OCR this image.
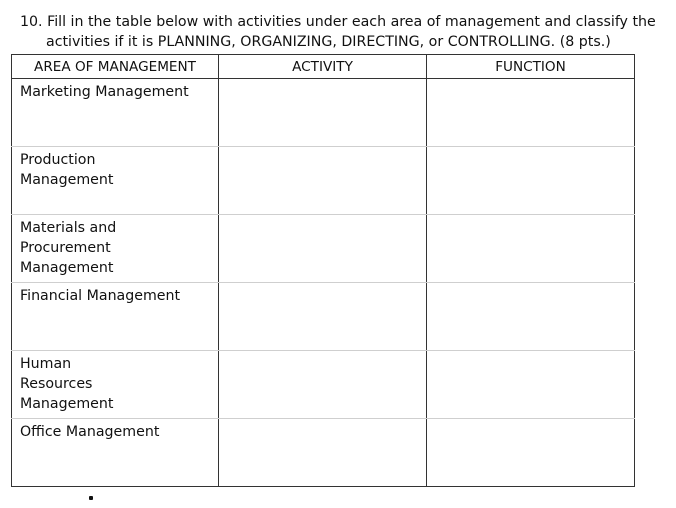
10. Fill in the table below with activities under each area of management and classify the
activities if it is PLANNING, ORGANIZING, DIRECTING, or CONTROLLING. (8 pts.)
AREA OF MANAGEMENT	ACTIVITY	FUNCTION

Marketing Management		

Production Management		

Materials and Procurement Management		

Financial Management		

Human Resources Management		

Office Management		
